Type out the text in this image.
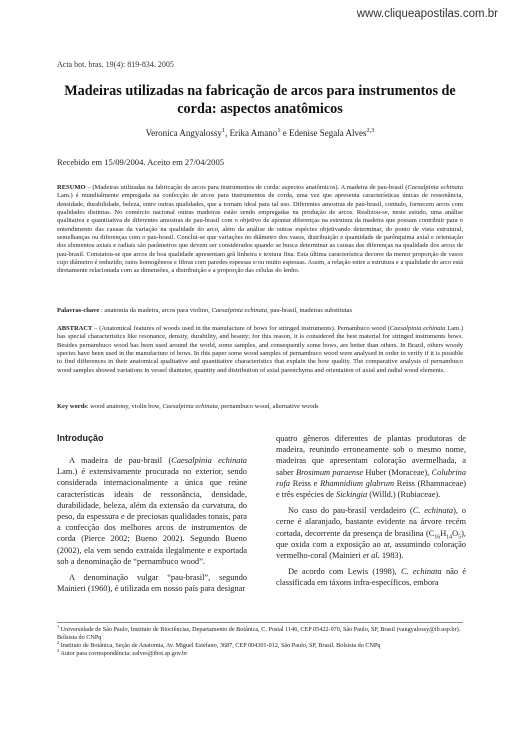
www.cliqueapostilas.com.br
Acta bot. bras. 19(4): 819-834. 2005
Madeiras utilizadas na fabricação de arcos para instrumentos de corda: aspectos anatômicos
Veronica Angyalossy$^1$, Erika Amano$^1$ e Edenise Segala Alves$^{2,3}$
Recebido em 15/09/2004. Aceito em 27/04/2005

RESUMO – (Madeiras utilizadas na fabricação de arcos para instrumentos de corda: aspectos anatômicos). A madeira de pau-brasil (Caesalpinia echinata Lam.) é mundialmente empregada na confecção de arcos para instrumentos de corda, uma vez que apresenta características únicas de ressonância, densidade, durabilidade, beleza, entre outras qualidades, que a tornam ideal para tal uso. Diferentes amostras de pau-brasil, contudo, fornecem arcos com qualidades distintas. No comércio nacional outras madeiras estão sendo empregadas na produção de arcos. Realizou-se, neste estudo, uma análise qualitativa e quantitativa de diferentes amostras de pau-brasil com o objetivo de apontar diferenças na estrutura da madeira que possam contribuir para o entendimento das causas da variação na qualidade do arco, além da análise de outras espécies objetivando determinar, do ponto de vista estrutural, semelhanças ou diferenças com o pau-brasil. Conclui-se que variações no diâmetro dos vasos, distribuição e quantidade de parênquima axial e orientação dos elementos axiais e radiais são parâmetros que devem ser considerados quando se busca determinar as causas das diferenças na qualidade dos arcos de pau-brasil. Constatou-se que arcos de boa qualidade apresentam grã linheira e textura fina. Esta última característica decorre da menor proporção de vasos cujo diâmetro é reduzido, raios homogêneos e fibras com paredes espessas e/ou muito espessas. Assim, a relação entre a estrutura e a qualidade do arco está diretamente relacionada com as dimensões, a distribuição e a proporção das células do lenho.

Palavras-chave : anatomia da madeira, arcos para violino, Caesalpinia echinata, pau-brasil, madeiras substitutas

ABSTRACT – (Anatomical features of woods used in the manufacture of bows for stringed instruments). Pernambuco wood (Caesalpinia echinata Lam.) has special characteristics like resonance, density, durability, and beauty; for this reason, it is considered the best material for stringed instruments bows. Besides pernambuco wood has been used around the world, some samples, and consequently some bows, are better than others. In Brazil, others woody species have been used in the manufacture of bows. In this paper some wood samples of pernambuco wood were analysed in order to verify if it is possible to find differences in their anatomical qualitative and quantitative characteristics that explain the bow quality. The comparative analysis of pernambuco wood samples showed variations in vessel diameter, quantity and distribution of axial parenchyma and orientation of axial and radial wood elements.

Key words: wood anatomy, violin bow, Caesalpinia echinata, pernambuco wood, alternative woods

Introdução

A madeira de pau-brasil (Caesalpinia echinata Lam.) é extensivamente procurada no exterior, sendo considerada internacionalmente a única que reúne características ideais de ressonância, densidade, durabilidade, beleza, além da extensão da curvatura, do peso, da espessura e de preciosas qualidades tonais, para a confecção dos melhores arcos de instrumentos de corda (Pierce 2002; Bueno 2002). Segundo Bueno (2002), ela vem sendo extraída ilegalmente e exportada sob a denominação de “pernambuco wood”.

A denominação vulgar “pau-brasil”, segundo Mainieri (1960), é utilizada em nosso país para designar

quatro gêneros diferentes de plantas produtoras de madeira, reunindo erroneamente sob o mesmo nome, madeiras que apresentam coloração avermelhada, a saber Brosimum paraense Huber (Moraceae), Colubrina rufa Reiss e Rhamnidium glabrum Reiss (Rhamnaceae) e três espécies de Sickingia (Willd.) (Rubiaceae).

No caso do pau-brasil verdadeiro (C. echinata), o cerne é alaranjado, bastante evidente na árvore recém cortada, decorrente da presença de brasilina $(C_{16}H_{14}O_5)$, que oxida com a exposição ao ar, assumindo coloração vermelho-coral (Mainieri et al. 1983).

De acordo com Lewis (1998), C. echinata não é classificada em táxons infra-específicos, embora

$^1$ Universidade de São Paulo, Instituto de Biociências, Departamento de Botânica, C. Postal 1146, CEP 05422-970, São Paulo, SP, Brasil (vangyalossy@ib.usp.br). Bolsista do CNPq
$^2$ Instituto de Botânica, Seção de Anatomia, Av. Miguel Estéfano, 3687, CEP 004301-012, São Paulo, SP, Brasil. Bolsista do CNPq
$^3$ Autor para correspondência: ealves@ibot.sp.gov.br
